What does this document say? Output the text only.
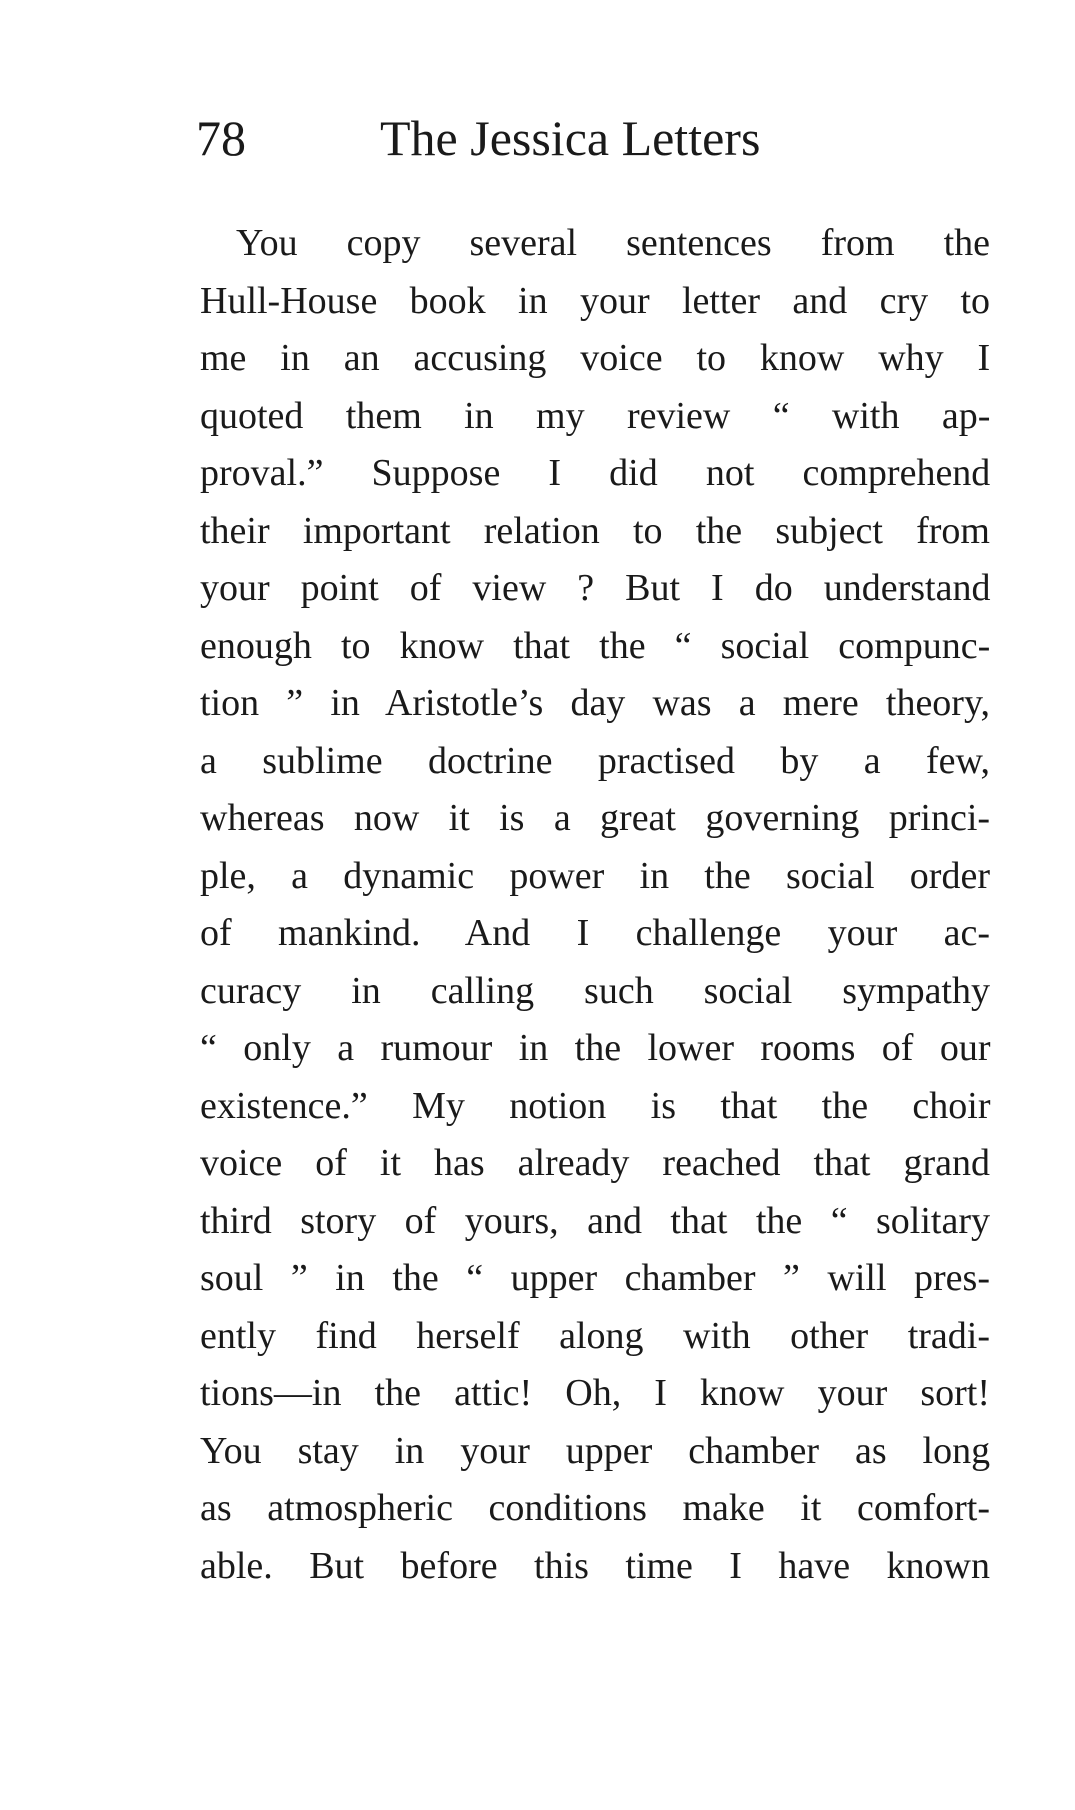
78	The Jessica Letters
You copy several sentences from the
Hull-House book in your letter and cry to
me in an accusing voice to know why I
quoted them in my review “ with ap-
proval.” Suppose I did not comprehend
their important relation to the subject from
your point of view ? But I do understand
enough to know that the “ social compunc-
tion ” in Aristotle’s day was a mere theory,
a sublime doctrine practised by a few,
whereas now it is a great governing princi-
ple, a dynamic power in the social order
of mankind. And I challenge your ac-
curacy in calling such social sympathy
“ only a rumour in the lower rooms of our
existence.” My notion is that the choir
voice of it has already reached that grand
third story of yours, and that the “ solitary
soul ” in the “ upper chamber ” will pres-
ently find herself along with other tradi-
tions—in the attic! Oh, I know your sort!
You stay in your upper chamber as long
as atmospheric conditions make it comfort-
able. But before this time I have known
